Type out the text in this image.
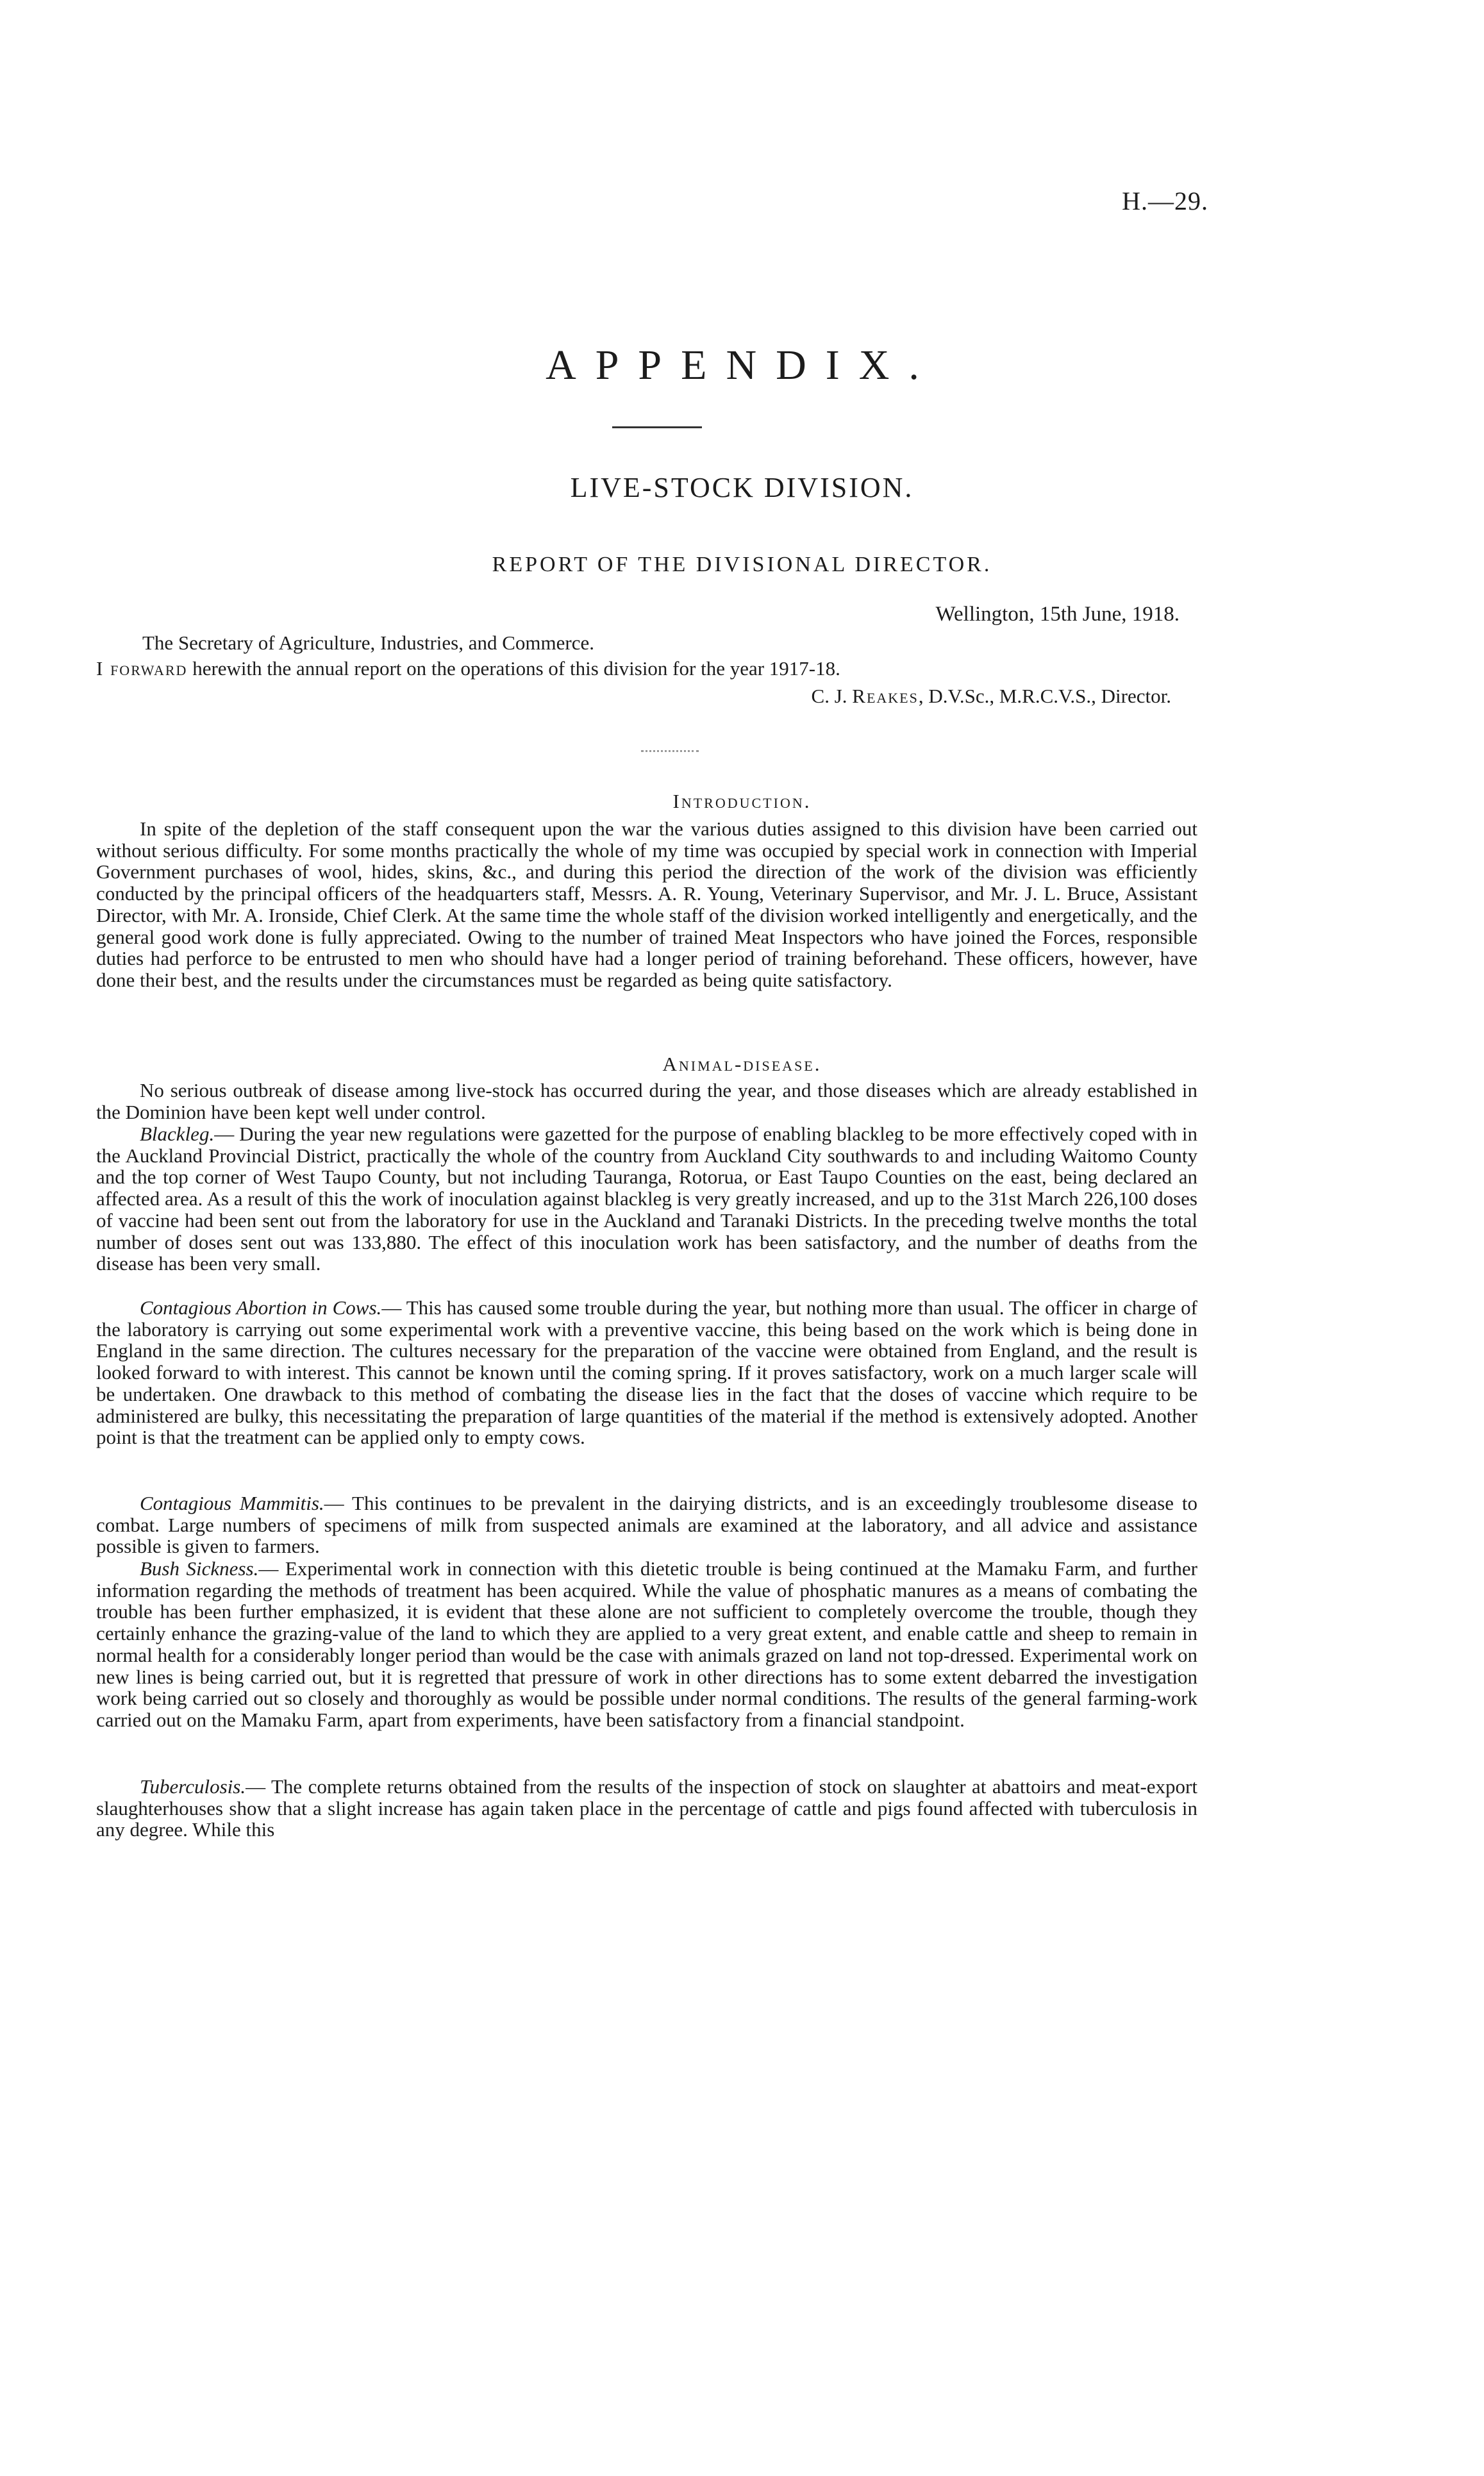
H.—29.
APPENDIX.
LIVE-STOCK DIVISION.
REPORT OF THE DIVISIONAL DIRECTOR.
Wellington, 15th June, 1918.
The Secretary of Agriculture, Industries, and Commerce.
I forward herewith the annual report on the operations of this division for the year 1917-18.
C. J. Reakes, D.V.Sc., M.R.C.V.S., Director.
Introduction.

In spite of the depletion of the staff consequent upon the war the various duties assigned to this division have been carried out without serious difficulty. For some months practically the whole of my time was occupied by special work in connection with Imperial Government purchases of wool, hides, skins, &c., and during this period the direction of the work of the division was efficiently conducted by the principal officers of the headquarters staff, Messrs. A. R. Young, Veterinary Supervisor, and Mr. J. L. Bruce, Assistant Director, with Mr. A. Ironside, Chief Clerk. At the same time the whole staff of the division worked intelligently and energetically, and the general good work done is fully appreciated. Owing to the number of trained Meat Inspectors who have joined the Forces, responsible duties had perforce to be entrusted to men who should have had a longer period of training beforehand. These officers, however, have done their best, and the results under the circumstances must be regarded as being quite satisfactory.

Animal-disease.

No serious outbreak of disease among live-stock has occurred during the year, and those diseases which are already established in the Dominion have been kept well under control.

Blackleg.— During the year new regulations were gazetted for the purpose of enabling blackleg to be more effectively coped with in the Auckland Provincial District, practically the whole of the country from Auckland City southwards to and including Waitomo County and the top corner of West Taupo County, but not including Tauranga, Rotorua, or East Taupo Counties on the east, being declared an affected area. As a result of this the work of inoculation against blackleg is very greatly increased, and up to the 31st March 226,100 doses of vaccine had been sent out from the laboratory for use in the Auckland and Taranaki Districts. In the preceding twelve months the total number of doses sent out was 133,880. The effect of this inoculation work has been satisfactory, and the number of deaths from the disease has been very small.

Contagious Abortion in Cows.— This has caused some trouble during the year, but nothing more than usual. The officer in charge of the laboratory is carrying out some experimental work with a preventive vaccine, this being based on the work which is being done in England in the same direction. The cultures necessary for the preparation of the vaccine were obtained from England, and the result is looked forward to with interest. This cannot be known until the coming spring. If it proves satisfactory, work on a much larger scale will be undertaken. One drawback to this method of combating the disease lies in the fact that the doses of vaccine which require to be administered are bulky, this necessitating the preparation of large quantities of the material if the method is extensively adopted. Another point is that the treatment can be applied only to empty cows.

Contagious Mammitis.— This continues to be prevalent in the dairying districts, and is an exceedingly troublesome disease to combat. Large numbers of specimens of milk from suspected animals are examined at the laboratory, and all advice and assistance possible is given to farmers.

Bush Sickness.— Experimental work in connection with this dietetic trouble is being continued at the Mamaku Farm, and further information regarding the methods of treatment has been acquired. While the value of phosphatic manures as a means of combating the trouble has been further emphasized, it is evident that these alone are not sufficient to completely overcome the trouble, though they certainly enhance the grazing-value of the land to which they are applied to a very great extent, and enable cattle and sheep to remain in normal health for a considerably longer period than would be the case with animals grazed on land not top-dressed. Experimental work on new lines is being carried out, but it is regretted that pressure of work in other directions has to some extent debarred the investigation work being carried out so closely and thoroughly as would be possible under normal conditions. The results of the general farming-work carried out on the Mamaku Farm, apart from experiments, have been satisfactory from a financial standpoint.

Tuberculosis.— The complete returns obtained from the results of the inspection of stock on slaughter at abattoirs and meat-export slaughterhouses show that a slight increase has again taken place in the percentage of cattle and pigs found affected with tuberculosis in any degree. While this
